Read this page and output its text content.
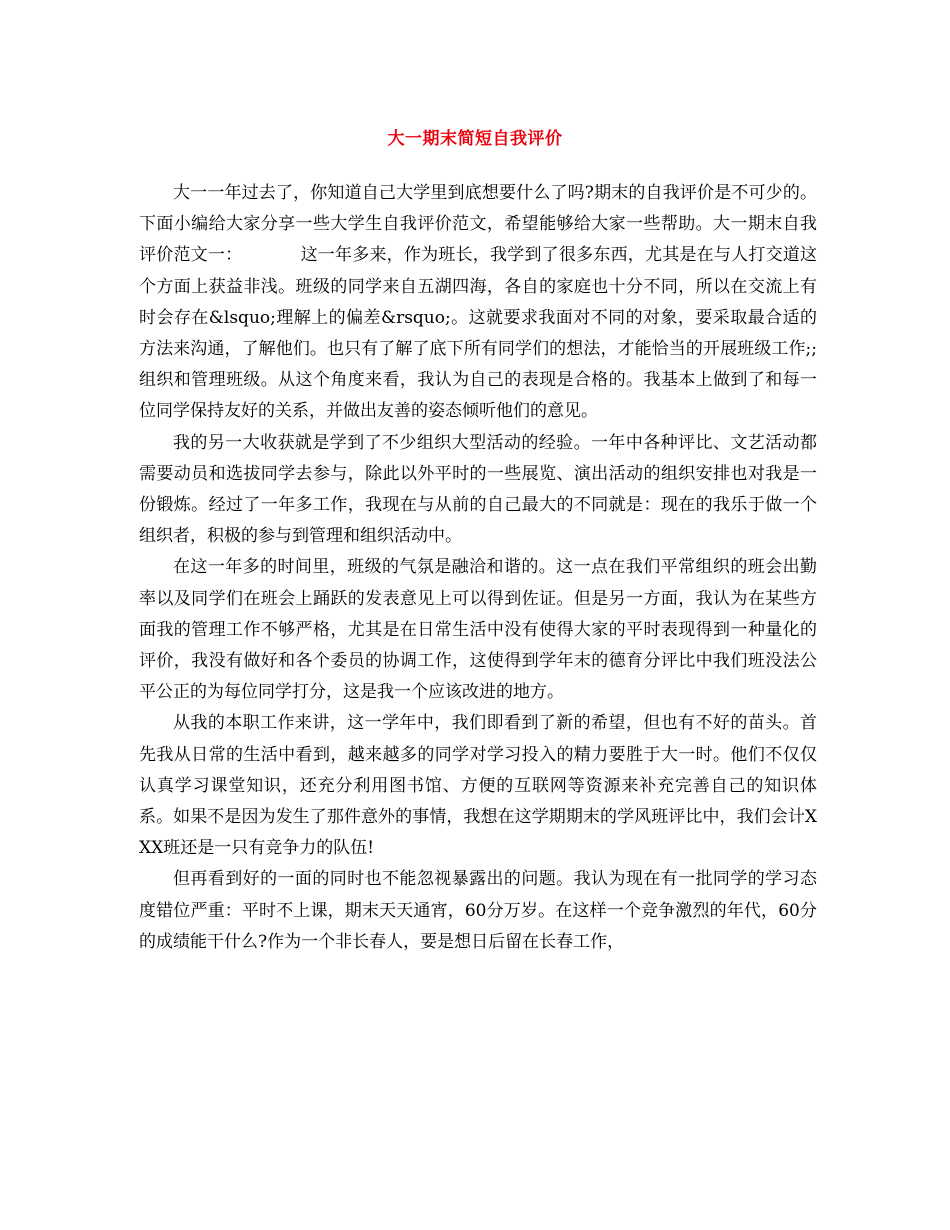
大一期末简短自我评价

大一一年过去了，你知道自己大学里到底想要什么了吗?期末的自我评价是不可少的。下面小编给大家分享一些大学生自我评价范文，希望能够给大家一些帮助。大一期末自我评价范文一：	这一年多来，作为班长，我学到了很多东西，尤其是在与人打交道这个方面上获益非浅。班级的同学来自五湖四海，各自的家庭也十分不同，所以在交流上有时会存在&lsquo;理解上的偏差&rsquo;。这就要求我面对不同的对象，要采取最合适的方法来沟通，了解他们。也只有了解了底下所有同学们的想法，才能恰当的开展班级工作;;组织和管理班级。从这个角度来看，我认为自己的表现是合格的。我基本上做到了和每一位同学保持友好的关系，并做出友善的姿态倾听他们的意见。

我的另一大收获就是学到了不少组织大型活动的经验。一年中各种评比、文艺活动都需要动员和选拔同学去参与，除此以外平时的一些展览、演出活动的组织安排也对我是一份锻炼。经过了一年多工作，我现在与从前的自己最大的不同就是：现在的我乐于做一个组织者，积极的参与到管理和组织活动中。

在这一年多的时间里，班级的气氛是融洽和谐的。这一点在我们平常组织的班会出勤率以及同学们在班会上踊跃的发表意见上可以得到佐证。但是另一方面，我认为在某些方面我的管理工作不够严格，尤其是在日常生活中没有使得大家的平时表现得到一种量化的评价，我没有做好和各个委员的协调工作，这使得到学年末的德育分评比中我们班没法公平公正的为每位同学打分，这是我一个应该改进的地方。

从我的本职工作来讲，这一学年中，我们即看到了新的希望，但也有不好的苗头。首先我从日常的生活中看到，越来越多的同学对学习投入的精力要胜于大一时。他们不仅仅认真学习课堂知识，还充分利用图书馆、方便的互联网等资源来补充完善自己的知识体系。如果不是因为发生了那件意外的事情，我想在这学期期末的学风班评比中，我们会计XXX班还是一只有竞争力的队伍!

但再看到好的一面的同时也不能忽视暴露出的问题。我认为现在有一批同学的学习态度错位严重：平时不上课，期末天天通宵，60分万岁。在这样一个竞争激烈的年代，60分的成绩能干什么?作为一个非长春人，要是想日后留在长春工作，
